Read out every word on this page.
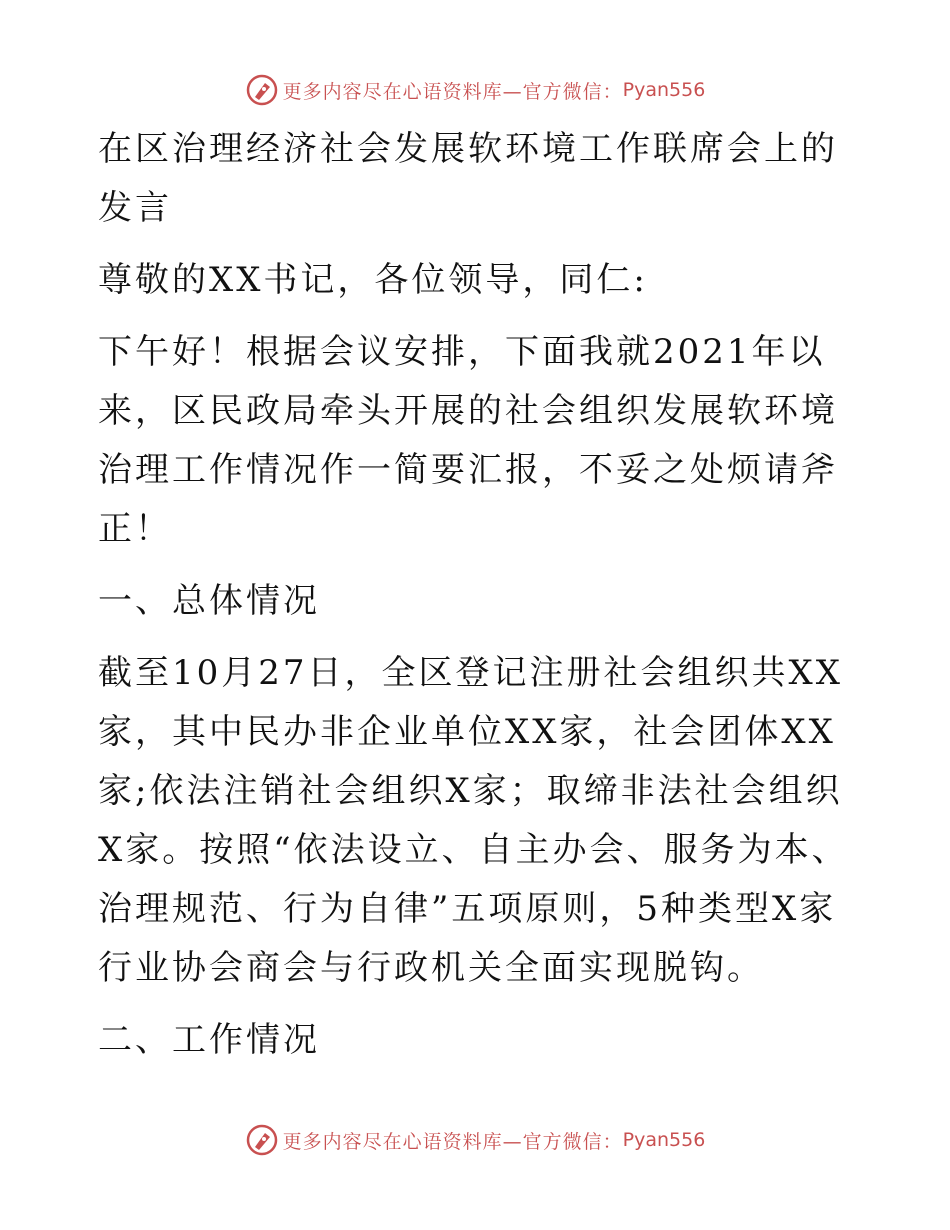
更多内容尽在心语资料库—官方微信： Pyan556

在区治理经济社会发展软环境工作联席会上的发言

尊敬的XX书记，各位领导，同仁:

下午好！根据会议安排，下面我就2021年以来，区民政局牵头开展的社会组织发展软环境治理工作情况作一简要汇报，不妥之处烦请斧正！

一、总体情况

截至10月27日，全区登记注册社会组织共XX家，其中民办非企业单位XX家，社会团体XX家;依法注销社会组织X家；取缔非法社会组织X家。按照“依法设立、自主办会、服务为本、治理规范、行为自律”五项原则，5种类型X家行业协会商会与行政机关全面实现脱钩。

二、工作情况

更多内容尽在心语资料库—官方微信： Pyan556
